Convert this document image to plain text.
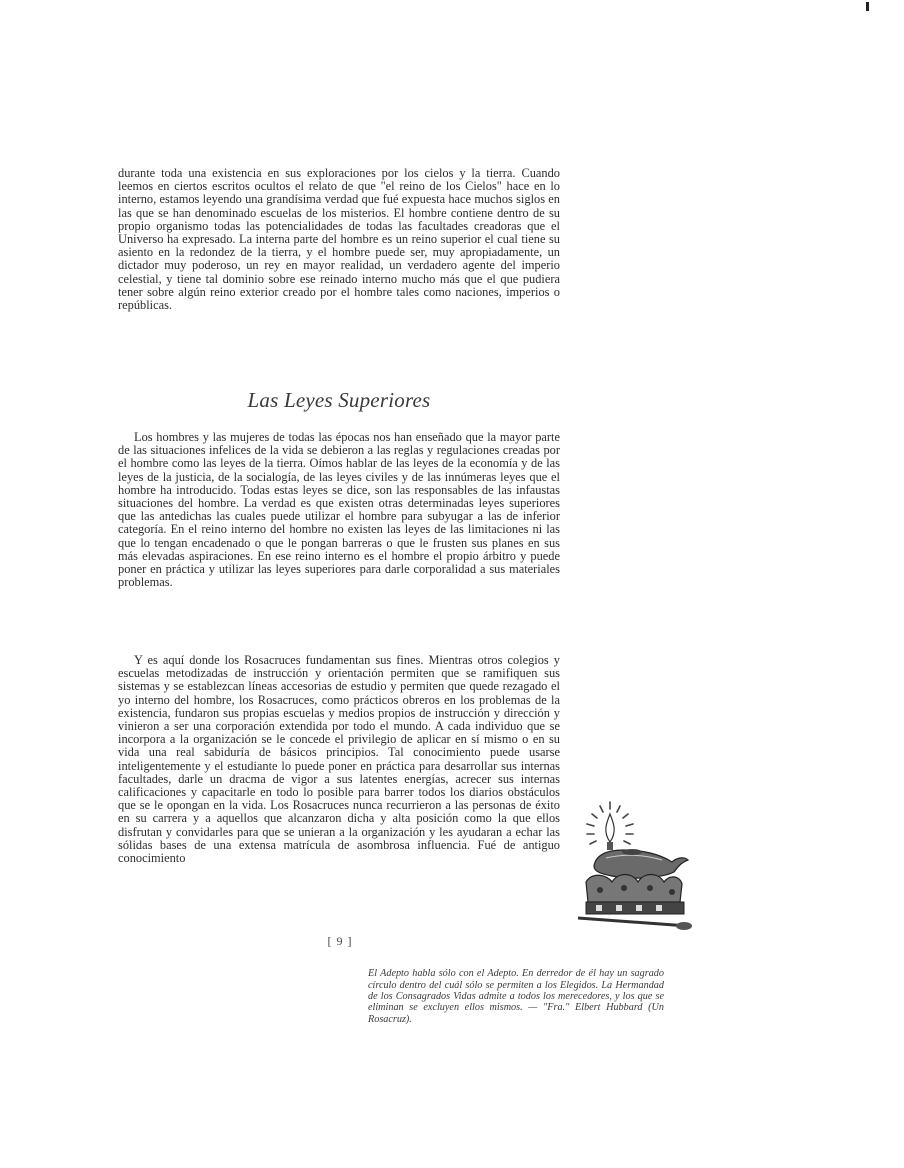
durante toda una existencia en sus exploraciones por los cielos y la tierra. Cuando leemos en ciertos escritos ocultos el relato de que "el reino de los Cielos" hace en lo interno, estamos leyendo una grandísima verdad que fué expuesta hace muchos siglos en las que se han denominado escuelas de los misterios. El hombre contiene dentro de su propio organismo todas las potencialidades de todas las facultades creadoras que el Universo ha expresado. La interna parte del hombre es un reino superior el cual tiene su asiento en la redondez de la tierra, y el hombre puede ser, muy apropiadamente, un dictador muy poderoso, un rey en mayor realidad, un verdadero agente del imperio celestial, y tiene tal dominio sobre ese reinado interno mucho más que el que pudiera tener sobre algún reino exterior creado por el hombre tales como naciones, imperios o repúblicas.

Las Leyes Superiores

Los hombres y las mujeres de todas las épocas nos han enseñado que la mayor parte de las situaciones infelices de la vida se debieron a las reglas y regulaciones creadas por el hombre como las leyes de la tierra. Oímos hablar de las leyes de la economía y de las leyes de la justicia, de la socialogía, de las leyes civiles y de las innúmeras leyes que el hombre ha introducido. Todas estas leyes se dice, son las responsables de las infaustas situaciones del hombre. La verdad es que existen otras determinadas leyes superiores que las antedichas las cuales puede utilizar el hombre para subyugar a las de inferior categoría. En el reino interno del hombre no existen las leyes de las limitaciones ni las que lo tengan encadenado o que le pongan barreras o que le frusten sus planes en sus más elevadas aspiraciones. En ese reino interno es el hombre el propio árbitro y puede poner en práctica y utilizar las leyes superiores para darle corporalidad a sus materiales problemas.

Y es aquí donde los Rosacruces fundamentan sus fines. Mientras otros colegios y escuelas metodizadas de instrucción y orientación permiten que se ramifiquen sus sistemas y se establezcan líneas accesorias de estudio y permiten que quede rezagado el yo interno del hombre, los Rosacruces, como prácticos obreros en los problemas de la existencia, fundaron sus propias escuelas y medios propios de instrucción y dirección y vinieron a ser una corporación extendida por todo el mundo. A cada individuo que se incorpora a la organización se le concede el privilegio de aplicar en sí mismo o en su vida una real sabiduría de básicos principios. Tal conocimiento puede usarse inteligentemente y el estudiante lo puede poner en práctica para desarrollar sus internas facultades, darle un dracma de vigor a sus latentes energías, acrecer sus internas calificaciones y capacitarle en todo lo posible para barrer todos los diarios obstáculos que se le opongan en la vida. Los Rosacruces nunca recurrieron a las personas de éxito en su carrera y a aquellos que alcanzaron dicha y alta posición como la que ellos disfrutan y convidarles para que se unieran a la organización y les ayudaran a echar las sólidas bases de una extensa matrícula de asombrosa influencia. Fué de antiguo conocimiento

[ 9 ]

El Adepto habla sólo con el Adepto. En derredor de él hay un sagrado círculo dentro del cuál sólo se permiten a los Elegidos. La Hermandad de los Consagrados Vidas admite a todos los merecedores, y los que se eliminan se excluyen ellos mismos. — "Fra." Elbert Hubbard (Un Rosacruz).
